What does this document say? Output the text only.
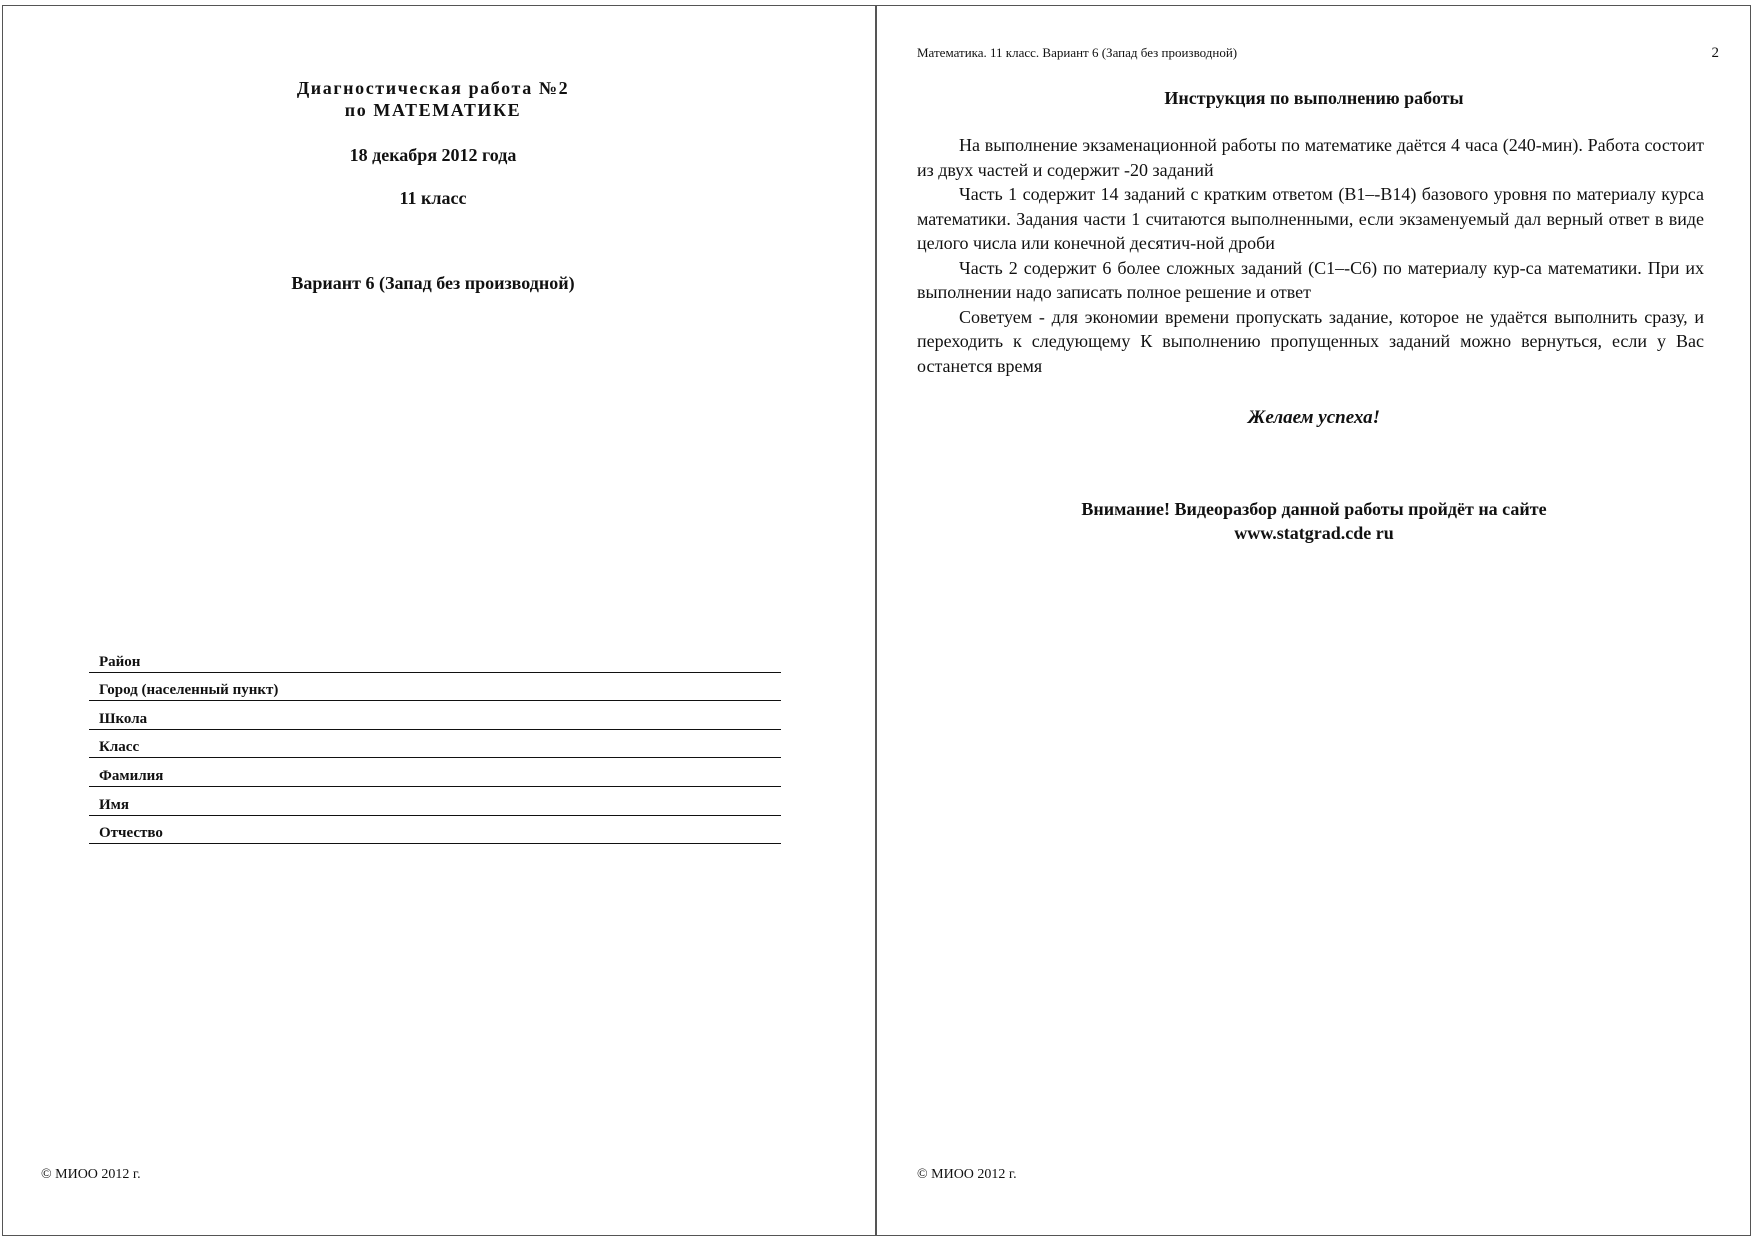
Диагностическая работа №2
по МАТЕМАТИКЕ
18 декабря 2012 года
11 класс
Вариант 6 (Запад без производной)
Район
Город (населенный пункт)
Школа
Класс
Фамилия
Имя
Отчество
© МИОО 2012 г.
Математика. 11 класс. Вариант 6 (Запад без производной)	2
Инструкция по выполнению работы

На выполнение экзаменационной работы по математике даётся 4 часа (240-мин). Работа состоит из двух частей и содержит -20 заданий

Часть 1 содержит 14 заданий с кратким ответом (В1–-В14) базового уровня по материалу курса математики. Задания части 1 считаются выполненными, если экзаменуемый дал верный ответ в виде целого числа или конечной десятич-ной дроби

Часть 2 содержит 6 более сложных заданий (С1–-С6) по материалу кур-са математики. При их выполнении надо записать полное решение и ответ

Советуем - для экономии времени пропускать задание, которое не удаётся выполнить сразу, и переходить к следующему К выполнению пропущенных заданий можно вернуться, если у Вас останется время

Желаем успеха!
Внимание! Видеоразбор данной работы пройдёт на сайте
www.statgrad.cde ru
© МИОО 2012 г.
